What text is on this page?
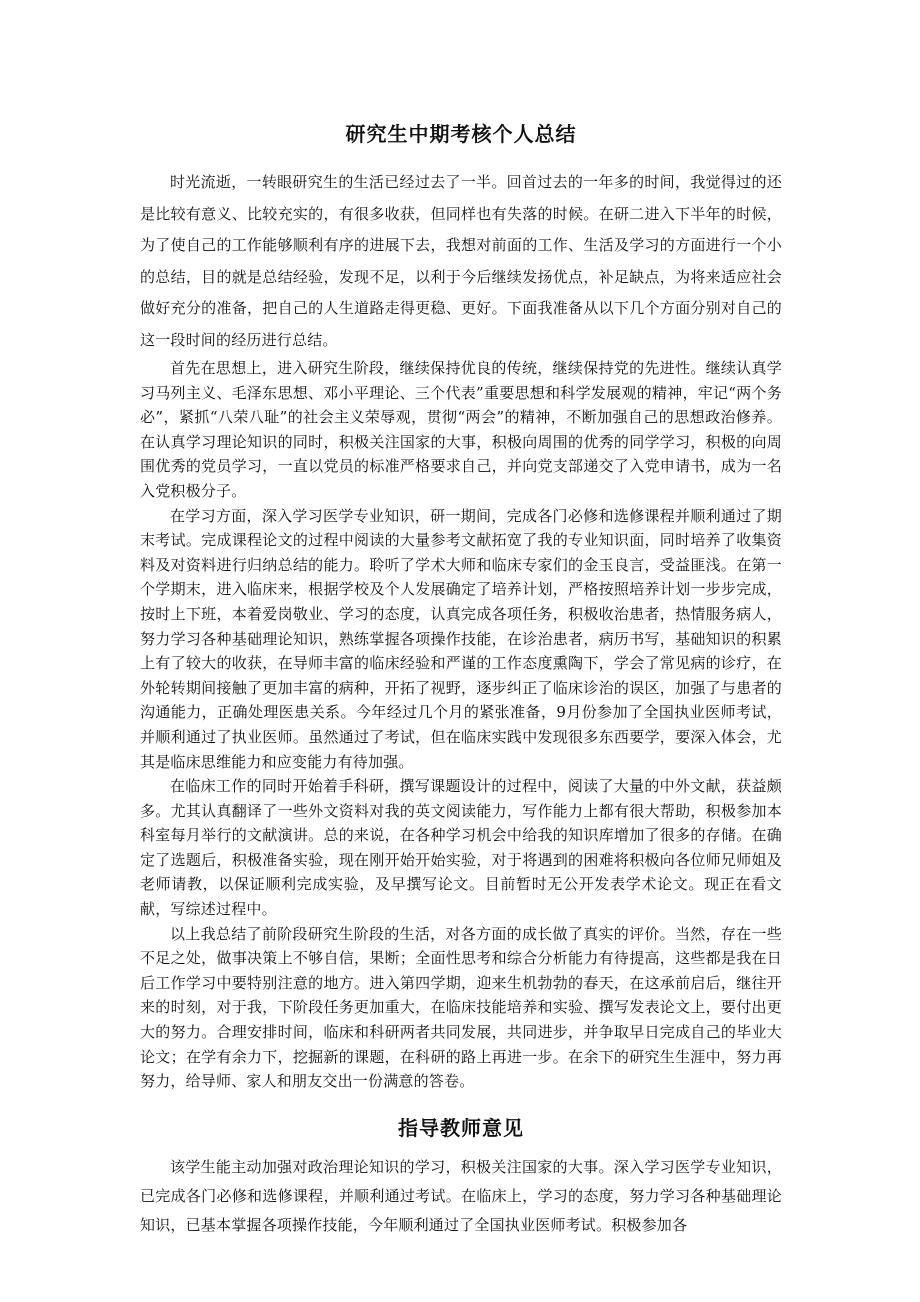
研究生中期考核个人总结

时光流逝，一转眼研究生的生活已经过去了一半。回首过去的一年多的时间，我觉得过的还是比较有意义、比较充实的，有很多收获，但同样也有失落的时候。在研二进入下半年的时候，为了使自己的工作能够顺利有序的进展下去，我想对前面的工作、生活及学习的方面进行一个小的总结，目的就是总结经验，发现不足，以利于今后继续发扬优点，补足缺点，为将来适应社会做好充分的准备，把自己的人生道路走得更稳、更好。下面我准备从以下几个方面分别对自己的这一段时间的经历进行总结。

首先在思想上，进入研究生阶段，继续保持优良的传统，继续保持党的先进性。继续认真学习马列主义、毛泽东思想、邓小平理论、三个代表”重要思想和科学发展观的精神，牢记“两个务必”，紧抓“八荣八耻”的社会主义荣辱观，贯彻“两会”的精神，不断加强自己的思想政治修养。在认真学习理论知识的同时，积极关注国家的大事，积极向周围的优秀的同学学习，积极的向周围优秀的党员学习，一直以党员的标准严格要求自己，并向党支部递交了入党申请书，成为一名入党积极分子。

在学习方面，深入学习医学专业知识，研一期间，完成各门必修和选修课程并顺利通过了期末考试。完成课程论文的过程中阅读的大量参考文献拓宽了我的专业知识面，同时培养了收集资料及对资料进行归纳总结的能力。聆听了学术大师和临床专家们的金玉良言，受益匪浅。在第一个学期末，进入临床来，根据学校及个人发展确定了培养计划，严格按照培养计划一步步完成，按时上下班，本着爱岗敬业、学习的态度，认真完成各项任务，积极收治患者，热情服务病人，努力学习各种基础理论知识，熟练掌握各项操作技能，在诊治患者，病历书写，基础知识的积累上有了较大的收获，在导师丰富的临床经验和严谨的工作态度熏陶下，学会了常见病的诊疗，在外轮转期间接触了更加丰富的病种，开拓了视野，逐步纠正了临床诊治的误区，加强了与患者的沟通能力，正确处理医患关系。今年经过几个月的紧张准备，9月份参加了全国执业医师考试，并顺利通过了执业医师。虽然通过了考试，但在临床实践中发现很多东西要学，要深入体会，尤其是临床思维能力和应变能力有待加强。

在临床工作的同时开始着手科研，撰写课题设计的过程中，阅读了大量的中外文献，获益颇多。尤其认真翻译了一些外文资料对我的英文阅读能力，写作能力上都有很大帮助，积极参加本科室每月举行的文献演讲。总的来说，在各种学习机会中给我的知识库增加了很多的存储。在确定了选题后，积极准备实验，现在刚开始开始实验，对于将遇到的困难将积极向各位师兄师姐及老师请教，以保证顺利完成实验，及早撰写论文。目前暂时无公开发表学术论文。现正在看文献，写综述过程中。

以上我总结了前阶段研究生阶段的生活，对各方面的成长做了真实的评价。当然，存在一些不足之处，做事决策上不够自信，果断；全面性思考和综合分析能力有待提高，这些都是我在日后工作学习中要特别注意的地方。进入第四学期，迎来生机勃勃的春天，在这承前启后，继往开来的时刻，对于我，下阶段任务更加重大，在临床技能培养和实验、撰写发表论文上，要付出更大的努力。合理安排时间，临床和科研两者共同发展，共同进步，并争取早日完成自己的毕业大论文；在学有余力下，挖掘新的课题，在科研的路上再进一步。在余下的研究生生涯中，努力再努力，给导师、家人和朋友交出一份满意的答卷。

指导教师意见

该学生能主动加强对政治理论知识的学习，积极关注国家的大事。深入学习医学专业知识，已完成各门必修和选修课程，并顺利通过考试。在临床上，学习的态度，努力学习各种基础理论知识，已基本掌握各项操作技能，今年顺利通过了全国执业医师考试。积极参加各
